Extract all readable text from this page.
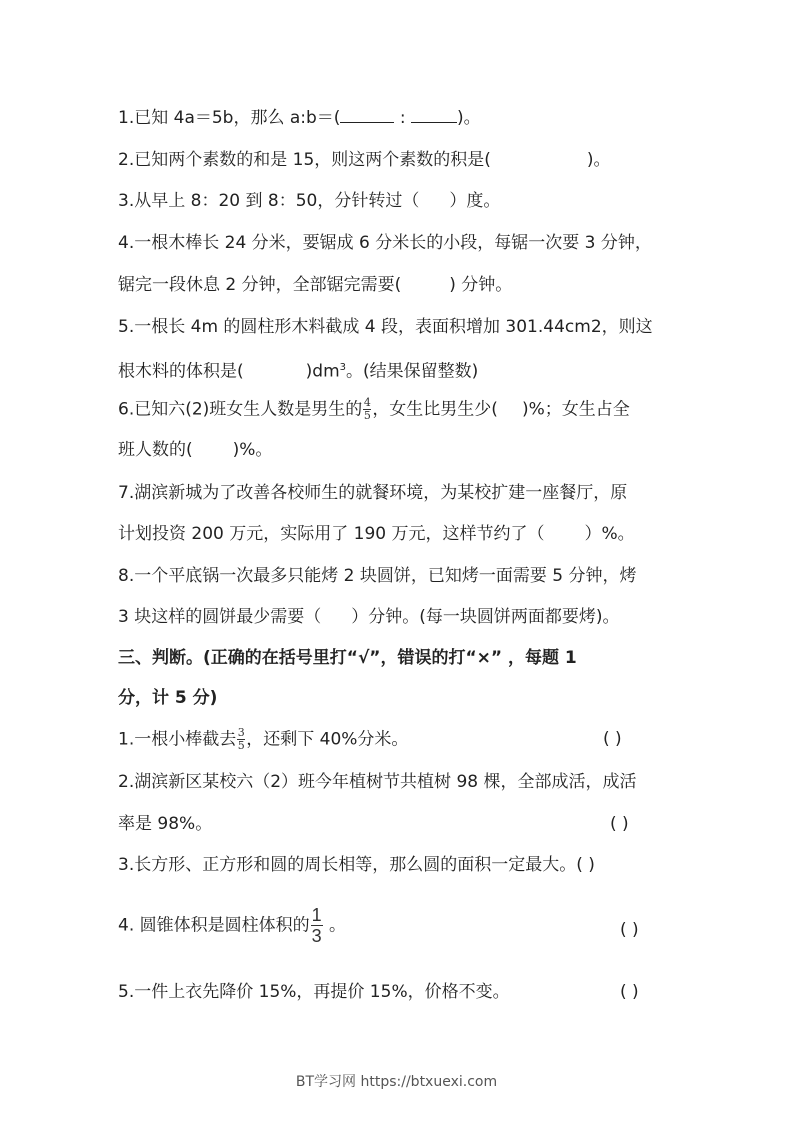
1.已知 4a＝5b，那么 a:b＝(	:	)。
2.已知两个素数的和是 15，则这两个素数的积是(	)。
3.从早上 8：20 到 8：50，分针转过（ ）度。
4.一根木棒长 24 分米，要锯成 6 分米长的小段，每锯一次要 3 分钟，
锯完一段休息 2 分钟，全部锯完需要(	) 分钟。
5.一根长 4m 的圆柱形木料截成 4 段，表面积增加 301.44cm2，则这
根木料的体积是(	)$dm^3$。(结果保留整数)
6.已知六(2)班女生人数是男生的 $\frac{4}{5}$ ，女生比男生少( )%；女生占全
班人数的( )%。
7.湖滨新城为了改善各校师生的就餐环境，为某校扩建一座餐厅，原
计划投资 200 万元，实际用了 190 万元，这样节约了（ ）%。
8.一个平底锅一次最多只能烤 2 块圆饼，已知烤一面需要 5 分钟，烤
3 块这样的圆饼最少需要（ ）分钟。(每一块圆饼两面都要烤)。
三、判断。(正确的在括号里打“√”，错误的打“×” ，每题 1
分，计 5 分)
1.一根小棒截去 $\frac{3}{5}$ ，还剩下 40%分米。	( )
2.湖滨新区某校六（2）班今年植树节共植树 98 棵，全部成活，成活
率是 98%。	( )
3.长方形、正方形和圆的周长相等，那么圆的面积一定最大。( )
4. 圆锥体积是圆柱体积的 $\frac{1}{3}$ 。	( )
5.一件上衣先降价 15%，再提价 15%，价格不变。	( )
BT学习网 https://btxuexi.com
